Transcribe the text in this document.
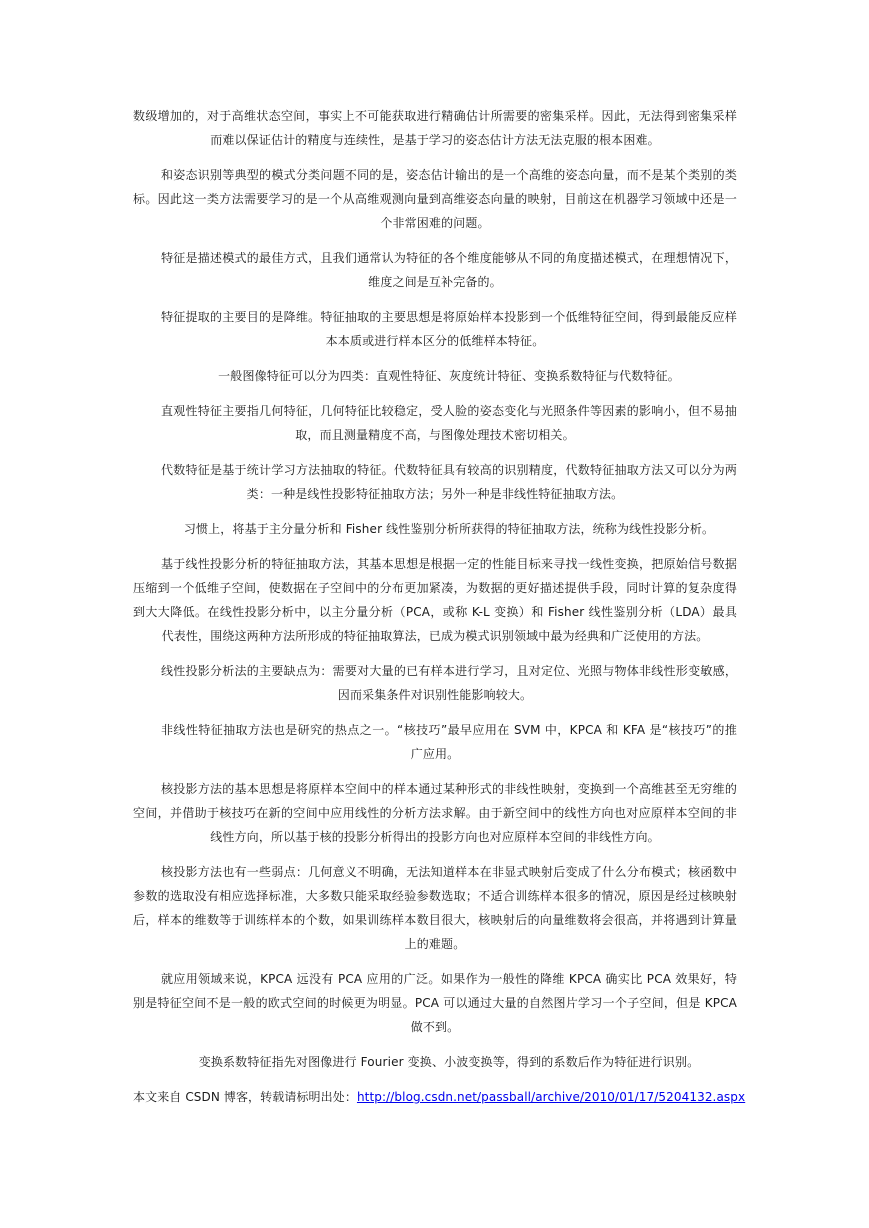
数级增加的，对于高维状态空间，事实上不可能获取进行精确估计所需要的密集采样。因此，无法得到密集采样而难以保证估计的精度与连续性，是基于学习的姿态估计方法无法克服的根本困难。

和姿态识别等典型的模式分类问题不同的是，姿态估计输出的是一个高维的姿态向量，而不是某个类别的类标。因此这一类方法需要学习的是一个从高维观测向量到高维姿态向量的映射，目前这在机器学习领域中还是一个非常困难的问题。

特征是描述模式的最佳方式，且我们通常认为特征的各个维度能够从不同的角度描述模式，在理想情况下，维度之间是互补完备的。

特征提取的主要目的是降维。特征抽取的主要思想是将原始样本投影到一个低维特征空间，得到最能反应样本本质或进行样本区分的低维样本特征。

一般图像特征可以分为四类：直观性特征、灰度统计特征、变换系数特征与代数特征。

直观性特征主要指几何特征，几何特征比较稳定，受人脸的姿态变化与光照条件等因素的影响小，但不易抽取，而且测量精度不高，与图像处理技术密切相关。

代数特征是基于统计学习方法抽取的特征。代数特征具有较高的识别精度，代数特征抽取方法又可以分为两类：一种是线性投影特征抽取方法；另外一种是非线性特征抽取方法。

习惯上，将基于主分量分析和 Fisher 线性鉴别分析所获得的特征抽取方法，统称为线性投影分析。

基于线性投影分析的特征抽取方法，其基本思想是根据一定的性能目标来寻找一线性变换，把原始信号数据压缩到一个低维子空间，使数据在子空间中的分布更加紧凑，为数据的更好描述提供手段，同时计算的复杂度得到大大降低。在线性投影分析中，以主分量分析（PCA，或称 K-L 变换）和 Fisher 线性鉴别分析（LDA）最具代表性，围绕这两种方法所形成的特征抽取算法，已成为模式识别领域中最为经典和广泛使用的方法。

线性投影分析法的主要缺点为：需要对大量的已有样本进行学习，且对定位、光照与物体非线性形变敏感，因而采集条件对识别性能影响较大。

非线性特征抽取方法也是研究的热点之一。“核技巧”最早应用在 SVM 中，KPCA 和 KFA 是“核技巧”的推广应用。

核投影方法的基本思想是将原样本空间中的样本通过某种形式的非线性映射，变换到一个高维甚至无穷维的空间，并借助于核技巧在新的空间中应用线性的分析方法求解。由于新空间中的线性方向也对应原样本空间的非线性方向，所以基于核的投影分析得出的投影方向也对应原样本空间的非线性方向。

核投影方法也有一些弱点：几何意义不明确，无法知道样本在非显式映射后变成了什么分布模式；核函数中参数的选取没有相应选择标准，大多数只能采取经验参数选取；不适合训练样本很多的情况，原因是经过核映射后，样本的维数等于训练样本的个数，如果训练样本数目很大，核映射后的向量维数将会很高，并将遇到计算量上的难题。

就应用领域来说，KPCA 远没有 PCA 应用的广泛。如果作为一般性的降维 KPCA 确实比 PCA 效果好，特别是特征空间不是一般的欧式空间的时候更为明显。PCA 可以通过大量的自然图片学习一个子空间，但是 KPCA 做不到。

变换系数特征指先对图像进行 Fourier 变换、小波变换等，得到的系数后作为特征进行识别。

本文来自 CSDN 博客，转载请标明出处：http://blog.csdn.net/passball/archive/2010/01/17/5204132.aspx
